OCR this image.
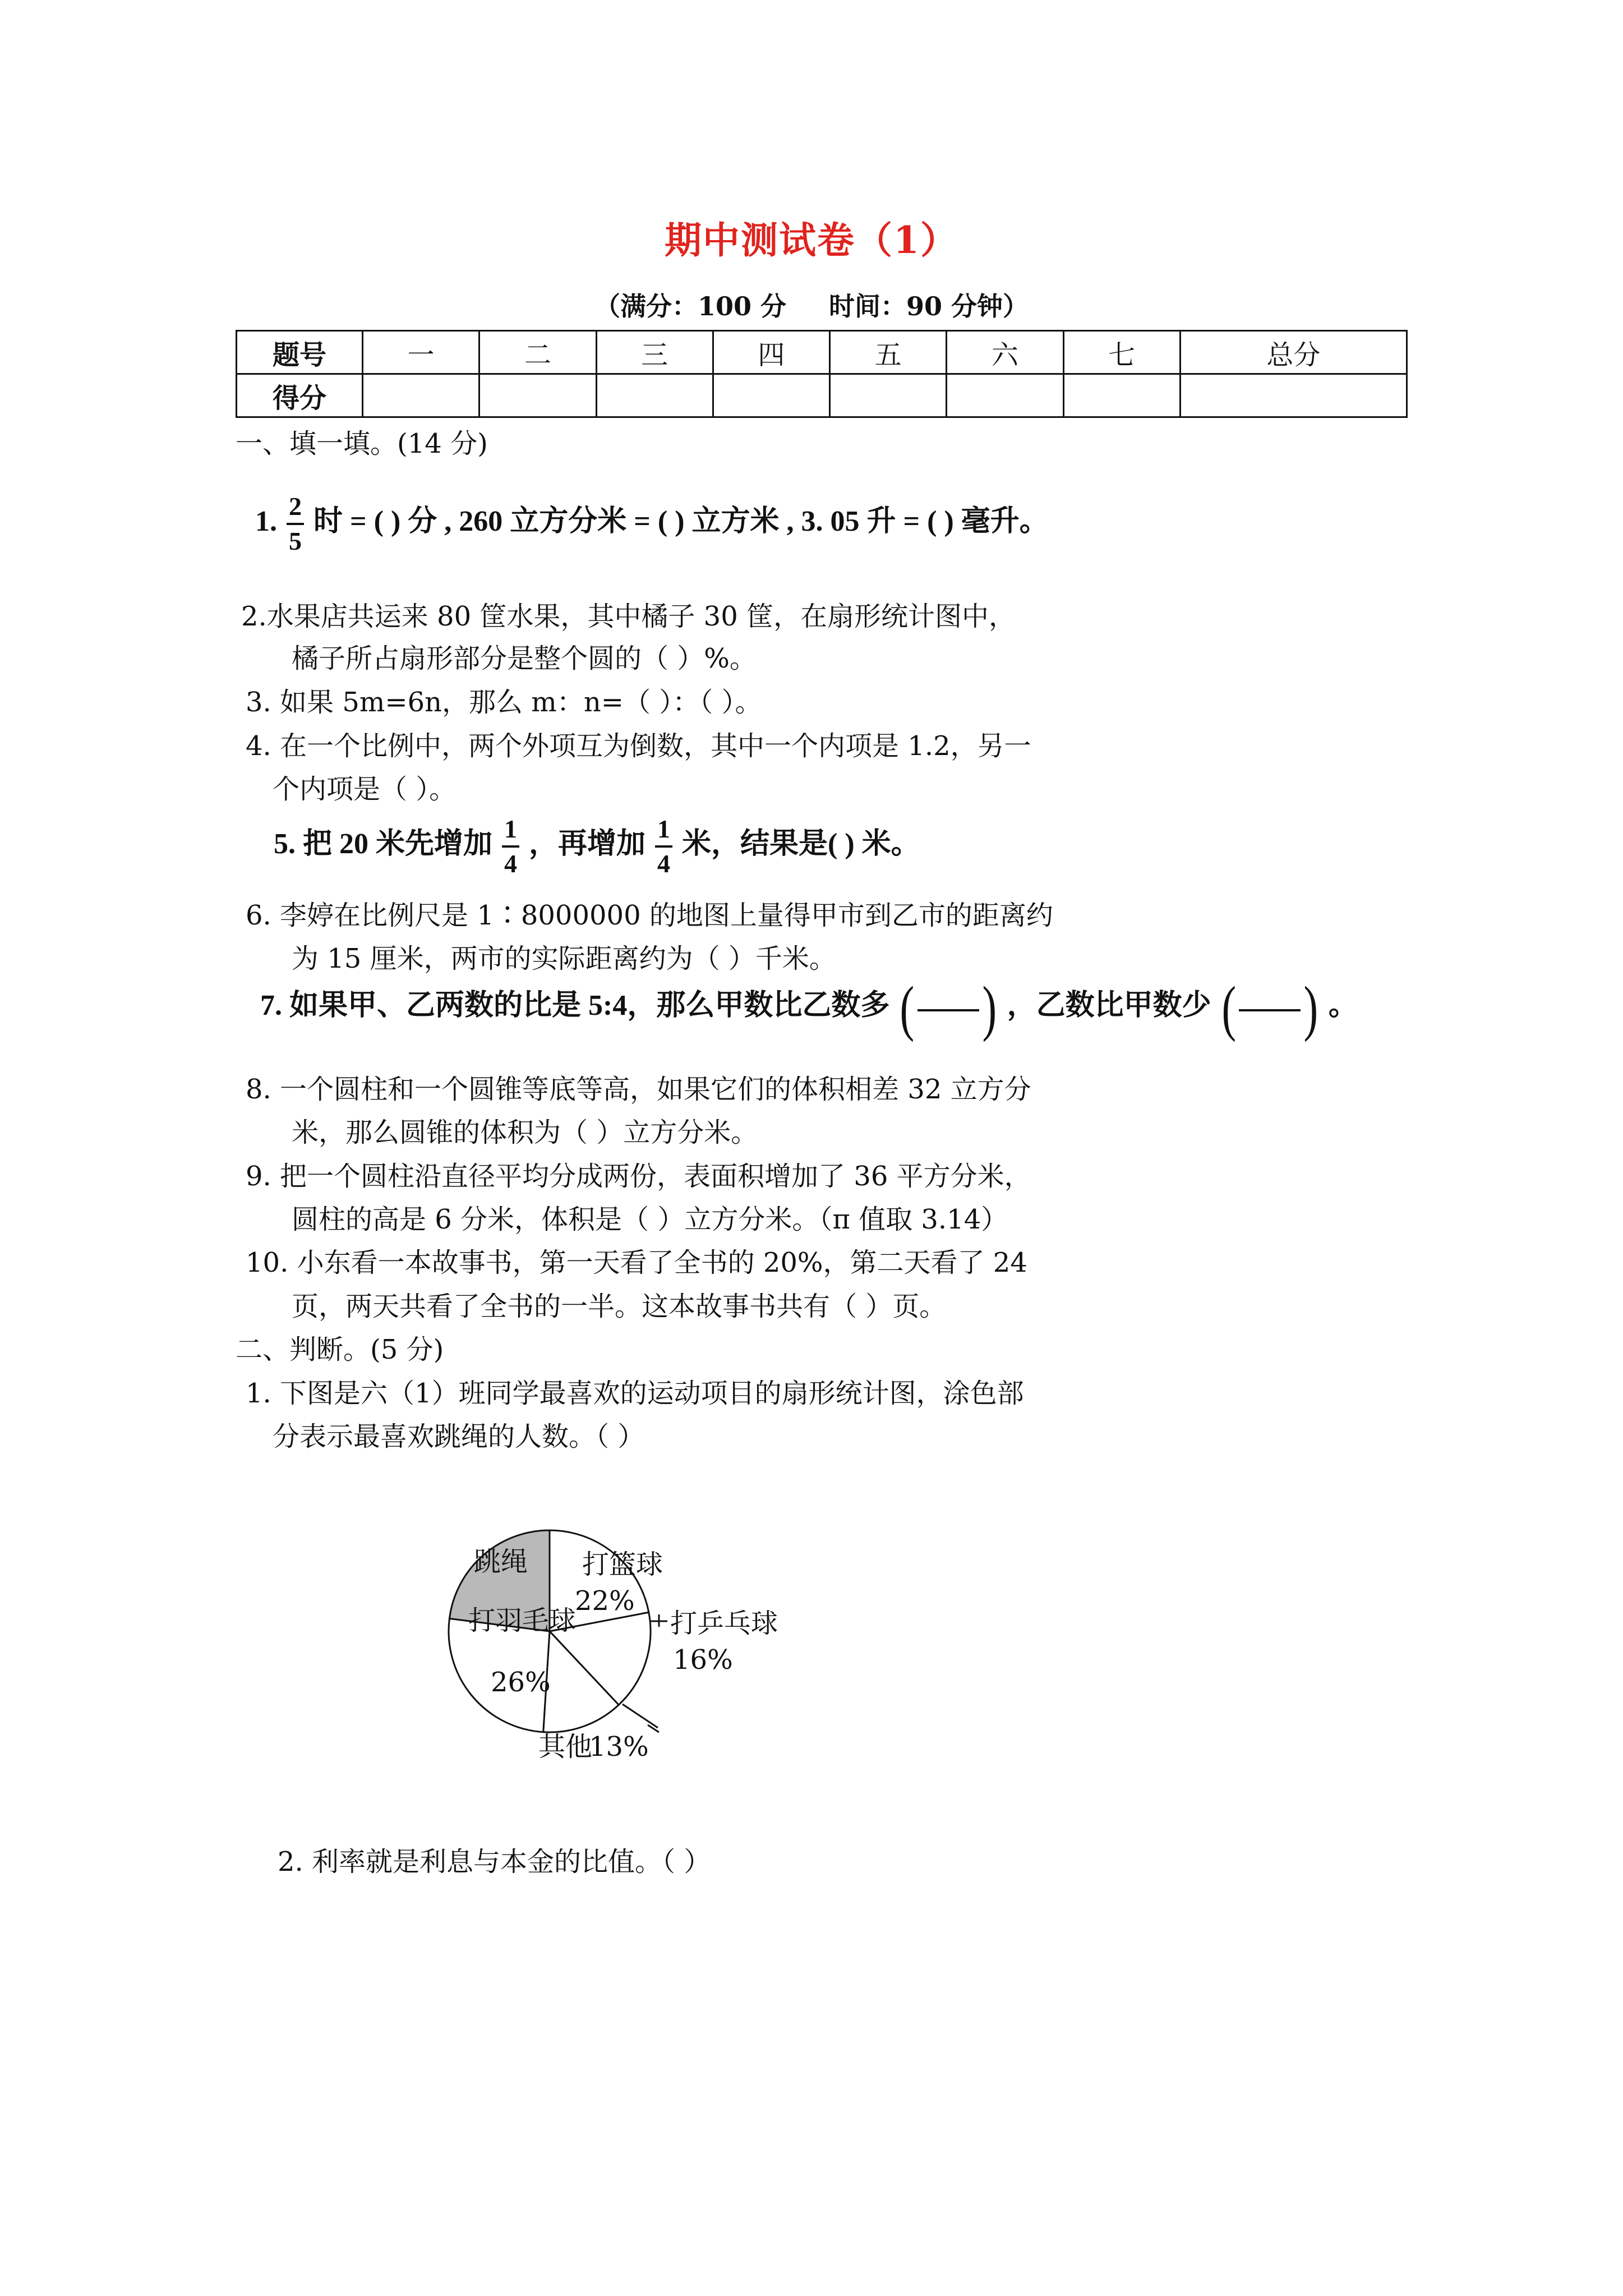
期中测试卷（1）
（满分：100 分 时间：90 分钟）
题号	一	二	三	四	五	六	七	总分
得分								
一、填一填。(14 分)
1. $\frac{2}{5}$ 时 = ( ) 分 , 260 立方分米 = ( ) 立方米 , 3. 05 升 = ( ) 毫升。
2.水果店共运来 80 筐水果，其中橘子 30 筐，在扇形统计图中，
橘子所占扇形部分是整个圆的（ ）%。
3. 如果 5m=6n，那么 m：n=（ ）：（ ）。
4. 在一个比例中，两个外项互为倒数，其中一个内项是 1.2，另一
个内项是（ ）。
5. 把 20 米先增加 $\frac{1}{4}$ ，再增加 $\frac{1}{4}$ 米，结果是( ) 米。
6. 李婷在比例尺是 1∶8000000 的地图上量得甲市到乙市的距离约
为 15 厘米，两市的实际距离约为（ ）千米。
7. 如果甲、乙两数的比是 5:4，那么甲数比乙数多 ( ) ，乙数比甲数少 ( ) 。
8. 一个圆柱和一个圆锥等底等高，如果它们的体积相差 32 立方分
米，那么圆锥的体积为（ ）立方分米。
9. 把一个圆柱沿直径平均分成两份，表面积增加了 36 平方分米，
圆柱的高是 6 分米，体积是（ ）立方分米。（π 值取 3.14）
10. 小东看一本故事书，第一天看了全书的 20%，第二天看了 24
页，两天共看了全书的一半。这本故事书共有（ ）页。
二、判断。(5 分)
1. 下图是六（1）班同学最喜欢的运动项目的扇形统计图，涂色部
分表示最喜欢跳绳的人数。（ ）
跳绳 打篮球
22%
打乒乓球
16%
其他
13%
打羽毛球
26%
2. 利率就是利息与本金的比值。（ ）
